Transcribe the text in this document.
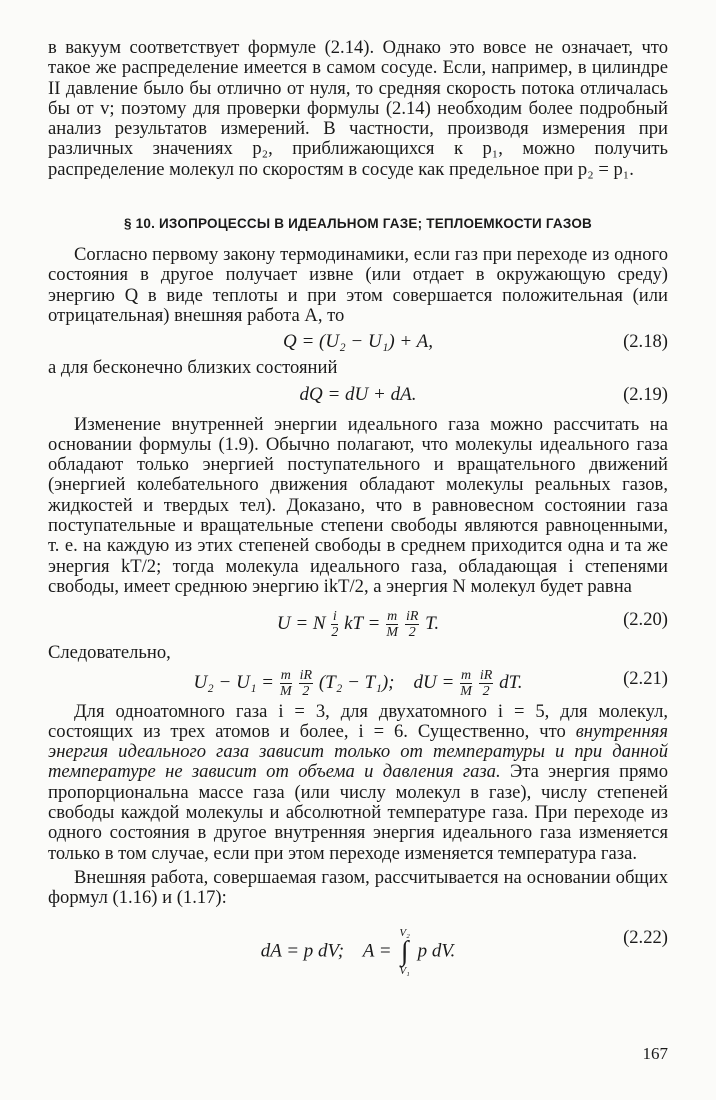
в вакуум соответствует формуле (2.14). Однако это вовсе не означает, что такое же распределение имеется в самом сосуде. Если, например, в цилиндре II давление было бы отлично от нуля, то средняя скорость потока отличалась бы от v; поэтому для проверки формулы (2.14) необходим более подробный анализ результатов измерений. В частности, производя измерения при различных значениях p₂, приближающихся к p₁, можно получить распределение молекул по скоростям в сосуде как предельное при p₂ = p₁.

§ 10. ИЗОПРОЦЕССЫ В ИДЕАЛЬНОМ ГАЗЕ; ТЕПЛОЕМКОСТИ ГАЗОВ

Согласно первому закону термодинамики, если газ при переходе из одного состояния в другое получает извне (или отдает в окружающую среду) энергию Q в виде теплоты и при этом совершается положительная (или отрицательная) внешняя работа A, то

Q = (U₂ − U₁) + A,	(2.18)

а для бесконечно близких состояний

dQ = dU + dA.	(2.19)

Изменение внутренней энергии идеального газа можно рассчитать на основании формулы (1.9). Обычно полагают, что молекулы идеального газа обладают только энергией поступательного и вращательного движений (энергией колебательного движения обладают молекулы реальных газов, жидкостей и твердых тел). Доказано, что в равновесном состоянии газа поступательные и вращательные степени свободы являются равноценными, т. е. на каждую из этих степеней свободы в среднем приходится одна и та же энергия kT/2; тогда молекула идеального газа, обладающая i степенями свободы, имеет среднюю энергию ikT/2, а энергия N молекул будет равна

U = N $\frac{i}{2}$ kT = $\frac{m}{M}$
$\frac{iR}{2} T$.	(2.20)

Следовательно,

$U_2 - U_1 = \frac{m}{M}$
$\frac{iR}{2} (T_2 - T_1)$; dU = $\frac{m}{M}$
$\frac{iR}{2}$ dT.	(2.21)

Для одноатомного газа i = 3, для двухатомного i = 5, для молекул, состоящих из трех атомов и более, i = 6. Существенно, что внутренняя энергия идеального газа зависит только от температуры и при данной температуре не зависит от объема и давления газа. Эта энергия прямо пропорциональна массе газа (или числу молекул в газе), числу степеней свободы каждой молекулы и абсолютной температуре газа. При переходе из одного состояния в другое внутренняя энергия идеального газа изменяется только в том случае, если при этом переходе изменяется температура газа.

Внешняя работа, совершаемая газом, рассчитывается на основании общих формул (1.16) и (1.17):

dA = p dV; A =
V₂
∫
V₁
p dV.
(2.22)
167
